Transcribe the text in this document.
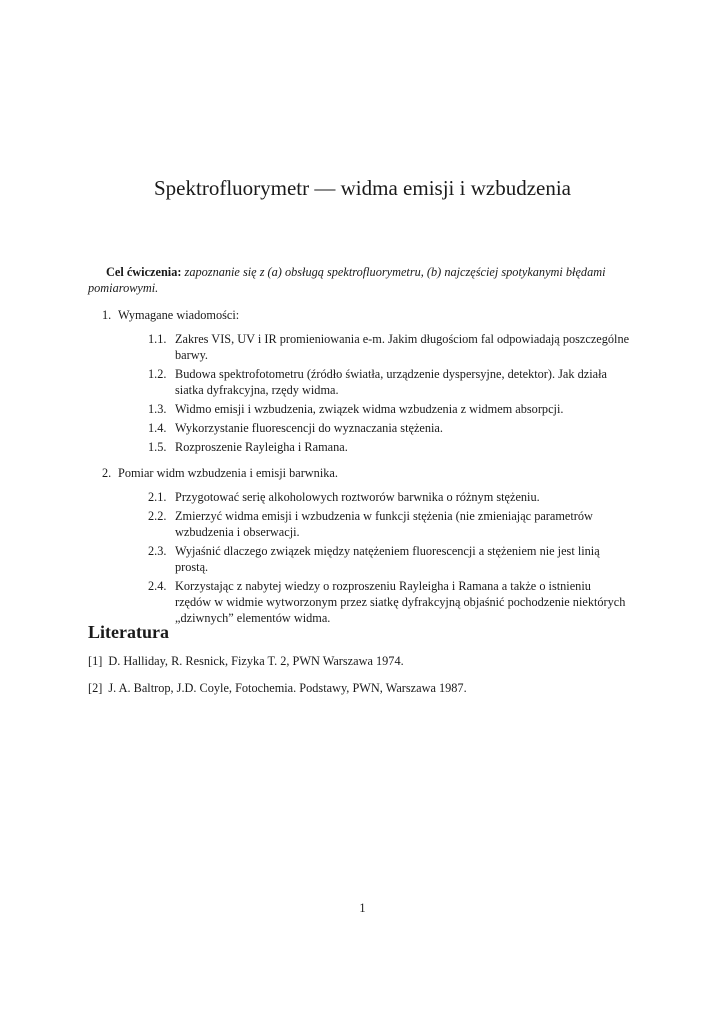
Spektrofluorymetr — widma emisji i wzbudzenia
Cel ćwiczenia: zapoznanie się z (a) obsługą spektrofluorymetru, (b) najczęściej spotykanymi błędami pomiarowymi.
1. Wymagane wiadomości:
1.1. Zakres VIS, UV i IR promieniowania e-m. Jakim długościom fal odpowiadają poszczególne barwy.
1.2. Budowa spektrofotometru (źródło światła, urządzenie dyspersyjne, detektor). Jak działa siatka dyfrakcyjna, rzędy widma.
1.3. Widmo emisji i wzbudzenia, związek widma wzbudzenia z widmem absorpcji.
1.4. Wykorzystanie fluorescencji do wyznaczania stężenia.
1.5. Rozproszenie Rayleigha i Ramana.
2. Pomiar widm wzbudzenia i emisji barwnika.
2.1. Przygotować serię alkoholowych roztworów barwnika o różnym stężeniu.
2.2. Zmierzyć widma emisji i wzbudzenia w funkcji stężenia (nie zmieniając parametrów wzbudzenia i obserwacji.
2.3. Wyjaśnić dlaczego związek między natężeniem fluorescencji a stężeniem nie jest linią prostą.
2.4. Korzystając z nabytej wiedzy o rozproszeniu Rayleigha i Ramana a także o istnieniu rzędów w widmie wytworzonym przez siatkę dyfrakcyjną objaśnić pochodzenie niektórych „dziwnych” elementów widma.
Literatura
[1] D. Halliday, R. Resnick, Fizyka T. 2, PWN Warszawa 1974.
[2] J. A. Baltrop, J.D. Coyle, Fotochemia. Podstawy, PWN, Warszawa 1987.
1
